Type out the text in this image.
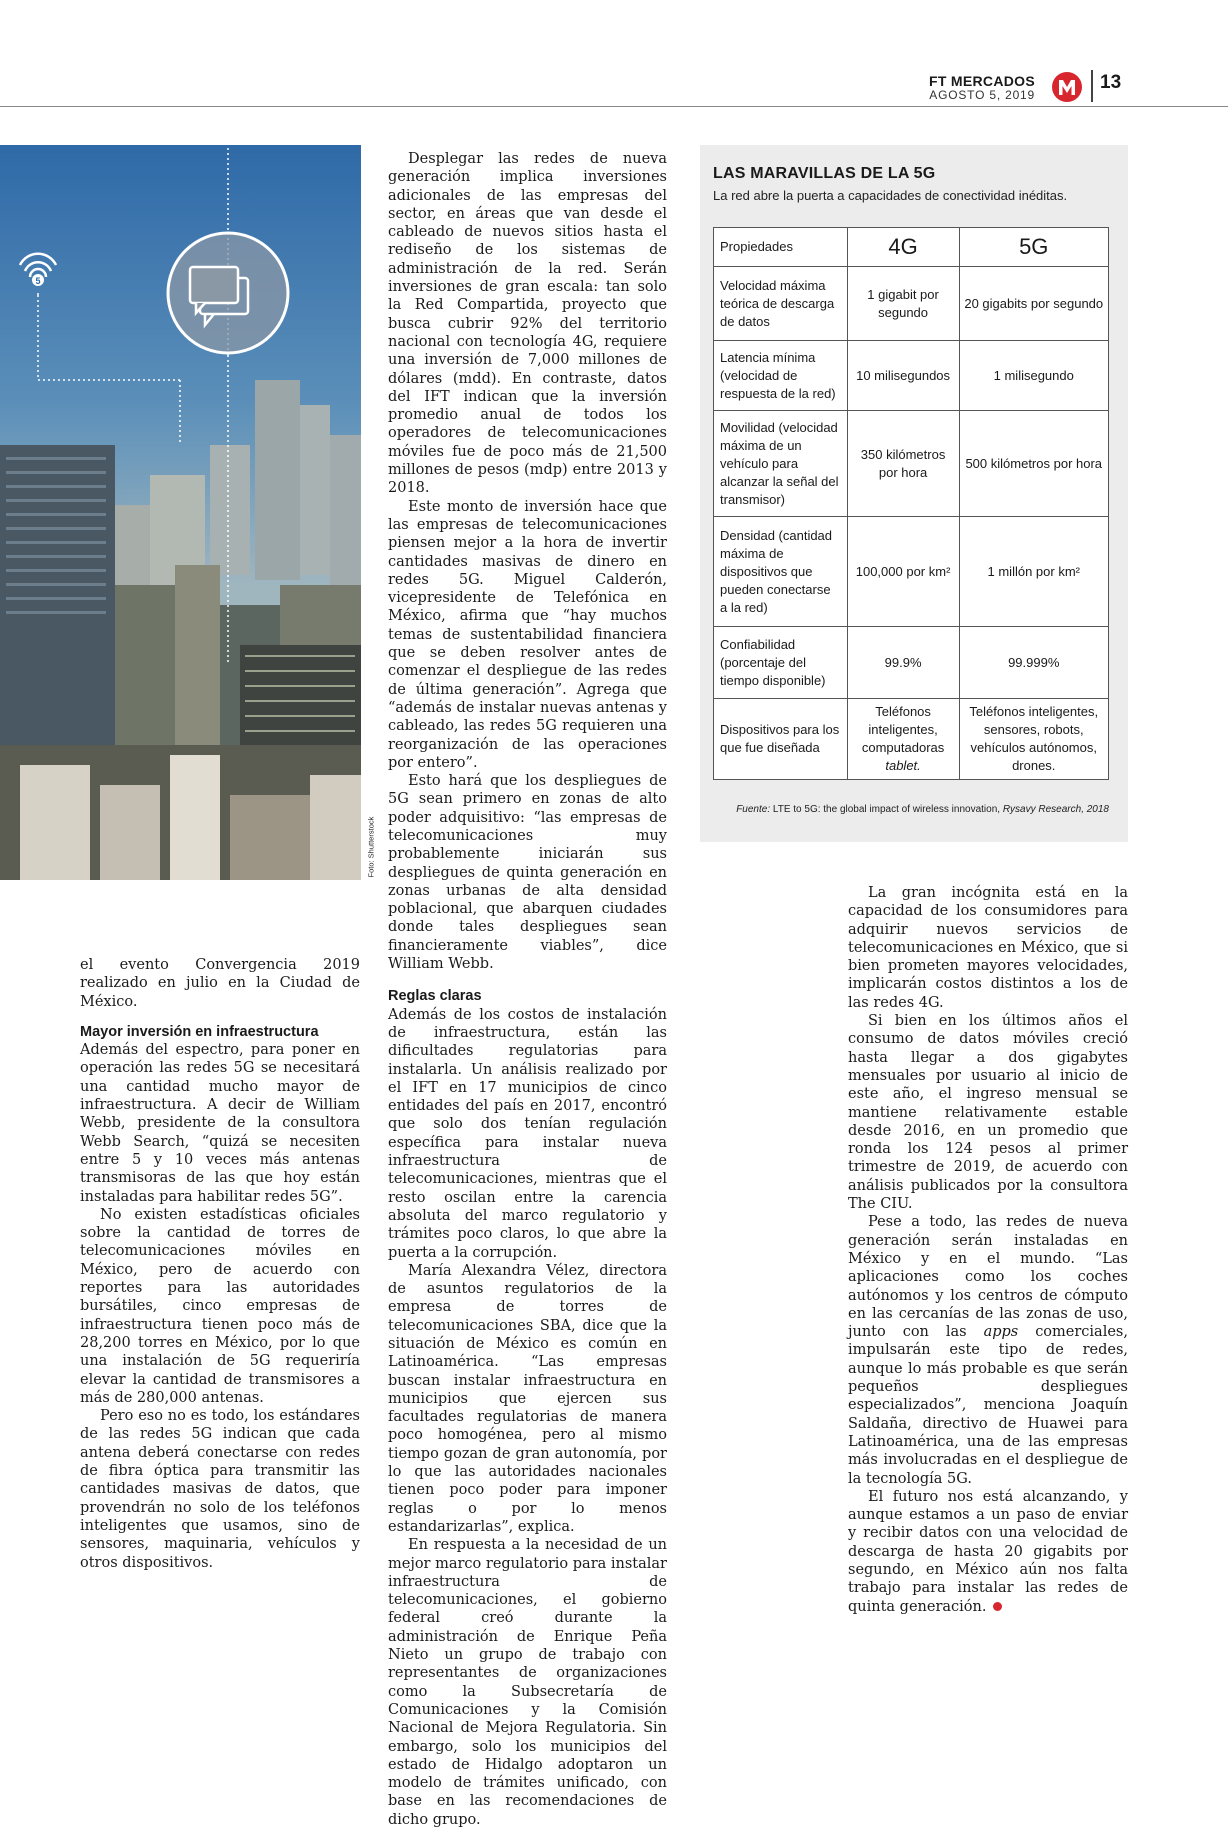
FT MERCADOS
AGOSTO 5, 2019
13
5
Foto: Shutterstock

el evento Convergencia 2019 realizado en julio en la Ciudad de México.

Mayor inversión en infraestructura

Además del espectro, para poner en operación las redes 5G se necesitará una cantidad mucho mayor de infraestructura. A decir de William Webb, presidente de la consultora Webb Search, “quizá se necesiten entre 5 y 10 veces más antenas transmisoras de las que hoy están instaladas para habilitar redes 5G”.

No existen estadísticas oficiales sobre la cantidad de torres de telecomunicaciones móviles en México, pero de acuerdo con reportes para las autoridades bursátiles, cinco empresas de infraestructura tienen poco más de 28,200 torres en México, por lo que una instalación de 5G requeriría elevar la cantidad de transmisores a más de 280,000 antenas.

Pero eso no es todo, los estándares de las redes 5G indican que cada antena deberá conectarse con redes de fibra óptica para transmitir las cantidades masivas de datos, que provendrán no solo de los teléfonos inteligentes que usamos, sino de sensores, maquinaria, vehículos y otros dispositivos.

Desplegar las redes de nueva generación implica inversiones adicionales de las empresas del sector, en áreas que van desde el cableado de nuevos sitios hasta el rediseño de los sistemas de administración de la red. Serán inversiones de gran escala: tan solo la Red Compartida, proyecto que busca cubrir 92% del territorio nacional con tecnología 4G, requiere una inversión de 7,000 millones de dólares (mdd). En contraste, datos del IFT indican que la inversión promedio anual de todos los operadores de telecomunicaciones móviles fue de poco más de 21,500 millones de pesos (mdp) entre 2013 y 2018.

Este monto de inversión hace que las empresas de telecomunicaciones piensen mejor a la hora de invertir cantidades masivas de dinero en redes 5G. Miguel Calderón, vicepresidente de Telefónica en México, afirma que “hay muchos temas de sustentabilidad financiera que se deben resolver antes de comenzar el despliegue de las redes de última generación”. Agrega que “además de instalar nuevas antenas y cableado, las redes 5G requieren una reorganización de las operaciones por entero”.

Esto hará que los despliegues de 5G sean primero en zonas de alto poder adquisitivo: “las empresas de telecomunicaciones muy probablemente iniciarán sus despliegues de quinta generación en zonas urbanas de alta densidad poblacional, que abarquen ciudades donde tales despliegues sean financieramente viables”, dice William Webb.

Reglas claras

Además de los costos de instalación de infraestructura, están las dificultades regulatorias para instalarla. Un análisis realizado por el IFT en 17 municipios de cinco entidades del país en 2017, encontró que solo dos tenían regulación específica para instalar nueva infraestructura de telecomunicaciones, mientras que el resto oscilan entre la carencia absoluta del marco regulatorio y trámites poco claros, lo que abre la puerta a la corrupción.

María Alexandra Vélez, directora de asuntos regulatorios de la empresa de torres de telecomunicaciones SBA, dice que la situación de México es común en Latinoamérica. “Las empresas buscan instalar infraestructura en municipios que ejercen sus facultades regulatorias de manera poco homogénea, pero al mismo tiempo gozan de gran autonomía, por lo que las autoridades nacionales tienen poco poder para imponer reglas o por lo menos estandarizarlas”, explica.

En respuesta a la necesidad de un mejor marco regulatorio para instalar infraestructura de telecomunicaciones, el gobierno federal creó durante la administración de Enrique Peña Nieto un grupo de trabajo con representantes de organizaciones como la Subsecretaría de Comunicaciones y la Comisión Nacional de Mejora Regulatoria. Sin embargo, solo los municipios del estado de Hidalgo adoptaron un modelo de trámites unificado, con base en las recomendaciones de dicho grupo.

La gran incógnita está en la capacidad de los consumidores para adquirir nuevos servicios de telecomunicaciones en México, que si bien prometen mayores velocidades, implicarán costos distintos a los de las redes 4G.

Si bien en los últimos años el consumo de datos móviles creció hasta llegar a dos gigabytes mensuales por usuario al inicio de este año, el ingreso mensual se mantiene relativamente estable desde 2016, en un promedio que ronda los 124 pesos al primer trimestre de 2019, de acuerdo con análisis publicados por la consultora The CIU.

Pese a todo, las redes de nueva generación serán instaladas en México y en el mundo. “Las aplicaciones como los coches autónomos y los centros de cómputo en las cercanías de las zonas de uso, junto con las apps comerciales, impulsarán este tipo de redes, aunque lo más probable es que serán pequeños despliegues especializados”, menciona Joaquín Saldaña, directivo de Huawei para Latinoamérica, una de las empresas más involucradas en el despliegue de la tecnología 5G.

El futuro nos está alcanzando, y aunque estamos a un paso de enviar y recibir datos con una velocidad de descarga de hasta 20 gigabits por segundo, en México aún nos falta trabajo para instalar las redes de quinta generación.

LAS MARAVILLAS DE LA 5G
La red abre la puerta a capacidades de conectividad inéditas.
Propiedades	4G	5G
Velocidad máxima teórica de descarga de datos	1 gigabit por segundo	20 gigabits por segundo
Latencia mínima (velocidad de respuesta de la red)	10 milisegundos	1 milisegundo
Movilidad (velocidad máxima de un vehículo para alcanzar la señal del transmisor)	350 kilómetros por hora	500 kilómetros por hora
Densidad (cantidad máxima de dispositivos que pueden conectarse a la red)	100,000 por km²	1 millón por km²
Confiabilidad (porcentaje del tiempo disponible)	99.9%	99.999%
Dispositivos para los que fue diseñada	Teléfonos inteligentes, computadoras tablet.	Teléfonos inteligentes, sensores, robots, vehículos autónomos, drones.
Fuente: LTE to 5G: the global impact of wireless innovation, Rysavy Research, 2018
